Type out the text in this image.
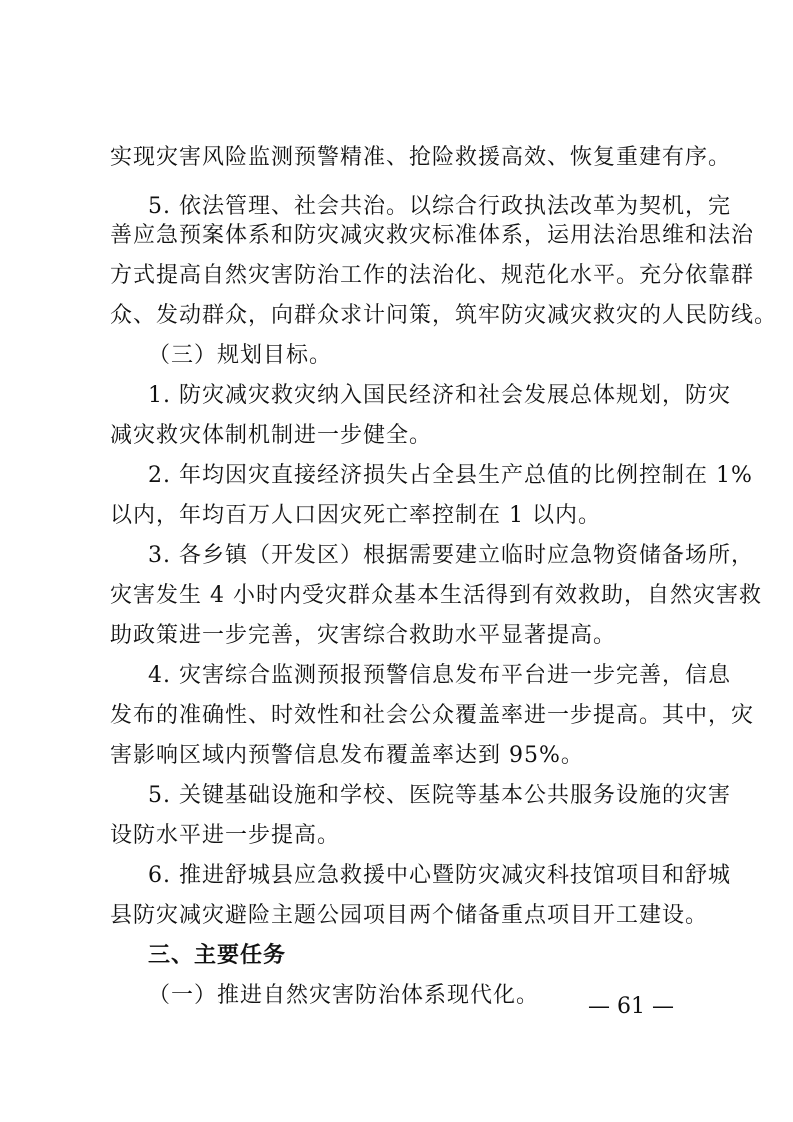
实现灾害风险监测预警精准、抢险救援高效、恢复重建有序。
5. 依法管理、社会共治。以综合行政执法改革为契机，完
善应急预案体系和防灾减灾救灾标准体系，运用法治思维和法治
方式提高自然灾害防治工作的法治化、规范化水平。充分依靠群
众、发动群众，向群众求计问策，筑牢防灾减灾救灾的人民防线。
（三）规划目标。
1. 防灾减灾救灾纳入国民经济和社会发展总体规划，防灾
减灾救灾体制机制进一步健全。
2. 年均因灾直接经济损失占全县生产总值的比例控制在 1%
以内，年均百万人口因灾死亡率控制在 1 以内。
3. 各乡镇（开发区）根据需要建立临时应急物资储备场所，
灾害发生 4 小时内受灾群众基本生活得到有效救助，自然灾害救
助政策进一步完善，灾害综合救助水平显著提高。
4. 灾害综合监测预报预警信息发布平台进一步完善，信息
发布的准确性、时效性和社会公众覆盖率进一步提高。其中，灾
害影响区域内预警信息发布覆盖率达到 95%。
5. 关键基础设施和学校、医院等基本公共服务设施的灾害
设防水平进一步提高。
6. 推进舒城县应急救援中心暨防灾减灾科技馆项目和舒城
县防灾减灾避险主题公园项目两个储备重点项目开工建设。
三、主要任务
（一）推进自然灾害防治体系现代化。	— 61 —
